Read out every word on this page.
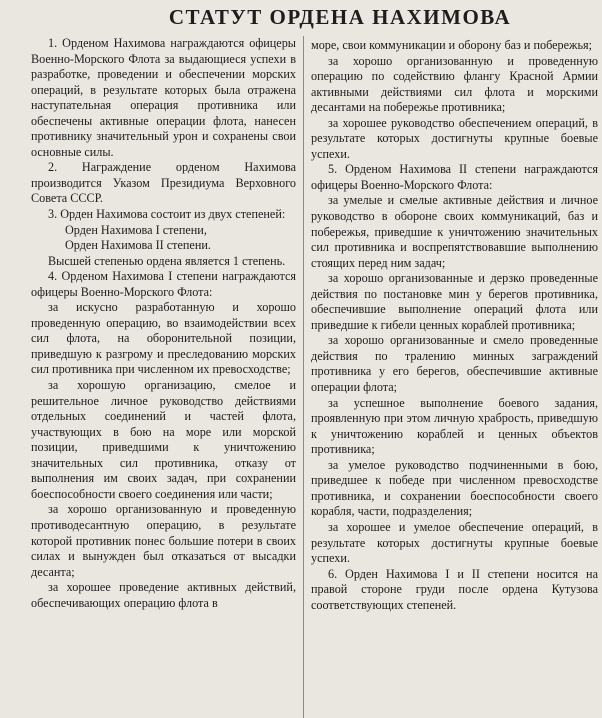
СТАТУТ ОРДЕНА НАХИМОВА

1. Орденом Нахимова награждаются офицеры Военно-Морского Флота за выдающиеся успехи в разработке, проведении и обеспечении морских операций, в результате которых была отражена наступательная операция противника или обеспечены активные операции флота, нанесен противнику значительный урон и сохранены свои основные силы.

2. Награждение орденом Нахимова производится Указом Президиума Верховного Совета СССР.

3. Орден Нахимова состоит из двух степеней:

Орден Нахимова I степени,

Орден Нахимова II степени.

Высшей степенью ордена является 1 степень.

4. Орденом Нахимова I степени награждаются офицеры Военно-Морского Флота:

за искусно разработанную и хорошо проведенную операцию, во взаимодействии всех сил флота, на оборонительной позиции, приведшую к разгрому и преследованию морских сил противника при численном их превосходстве;

за хорошую организацию, смелое и решительное личное руководство действиями отдельных соединений и частей флота, участвующих в бою на море или морской позиции, приведшими к уничтожению значительных сил противника, отказу от выполнения им своих задач, при сохранении боеспособности своего соединения или части;

за хорошо организованную и проведенную противодесантную операцию, в результате которой противник понес большие потери в своих силах и вынужден был отказаться от высадки десанта;

за хорошее проведение активных действий, обеспечивающих операцию флота в

море, свои коммуникации и оборону баз и побережья;

за хорошо организованную и проведенную операцию по содействию флангу Красной Армии активными действиями сил флота и морскими десантами на побережье противника;

за хорошее руководство обеспечением операций, в результате которых достигнуты крупные боевые успехи.

5. Орденом Нахимова II степени награждаются офицеры Военно-Морского Флота:

за умелые и смелые активные действия и личное руководство в обороне своих коммуникаций, баз и побережья, приведшие к уничтожению значительных сил противника и воспрепятствовавшие выполнению стоящих перед ним задач;

за хорошо организованные и дерзко проведенные действия по постановке мин у берегов противника, обеспечившие выполнение операций флота или приведшие к гибели ценных кораблей противника;

за хорошо организованные и смело проведенные действия по тралению минных заграждений противника у его берегов, обеспечившие активные операции флота;

за успешное выполнение боевого задания, проявленную при этом личную храбрость, приведшую к уничтожению кораблей и ценных объектов противника;

за умелое руководство подчиненными в бою, приведшее к победе при численном превосходстве противника, и сохранении боеспособности своего корабля, части, подразделения;

за хорошее и умелое обеспечение операций, в результате которых достигнуты крупные боевые успехи.

6. Орден Нахимова I и II степени носится на правой стороне груди после ордена Кутузова соответствующих степеней.
